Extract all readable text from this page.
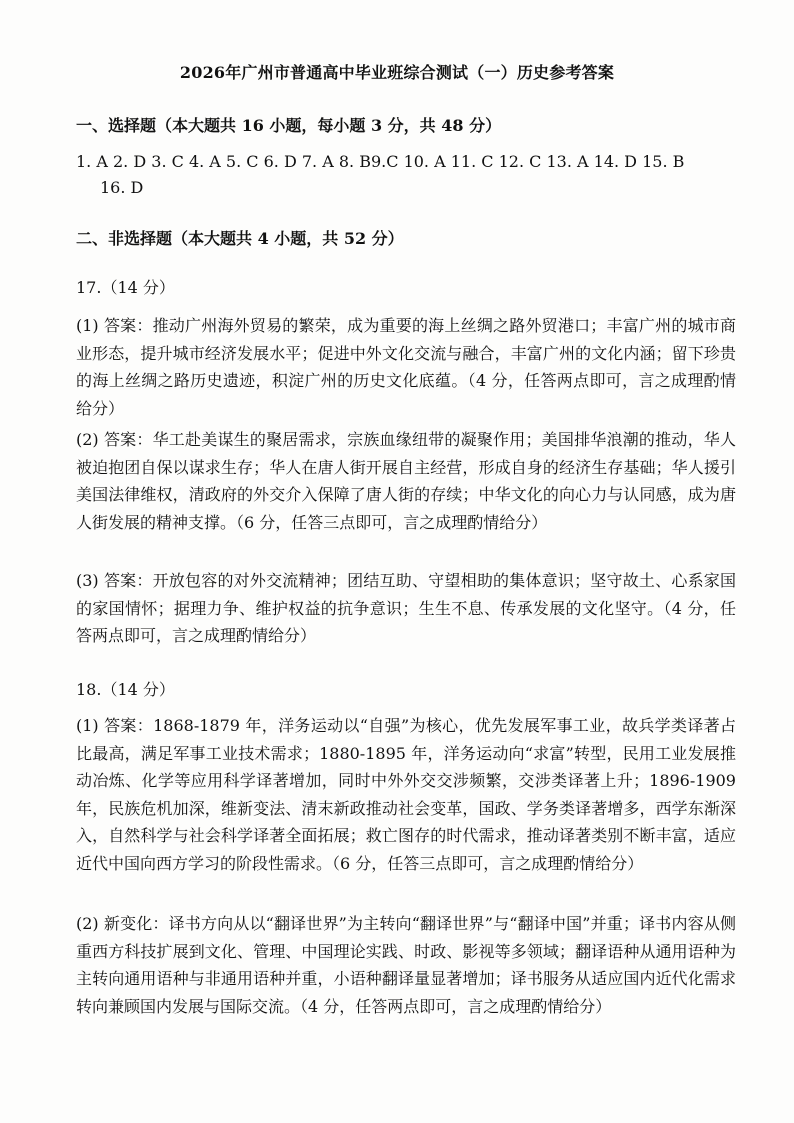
2026年广州市普通高中毕业班综合测试（一）历史参考答案
一、选择题（本大题共 16 小题，每小题 3 分，共 48 分）
1. A 2. D 3. C 4. A 5. C 6. D 7. A 8. B9.C 10. A 11. C 12. C 13. A 14. D 15. B
16. D
二、非选择题（本大题共 4 小题，共 52 分）
17.（14 分）

(1) 答案：推动广州海外贸易的繁荣，成为重要的海上丝绸之路外贸港口；丰富广州的城市商业形态，提升城市经济发展水平；促进中外文化交流与融合，丰富广州的文化内涵；留下珍贵的海上丝绸之路历史遗迹，积淀广州的历史文化底蕴。（4 分，任答两点即可，言之成理酌情给分）

(2) 答案：华工赴美谋生的聚居需求，宗族血缘纽带的凝聚作用；美国排华浪潮的推动，华人被迫抱团自保以谋求生存；华人在唐人街开展自主经营，形成自身的经济生存基础；华人援引美国法律维权，清政府的外交介入保障了唐人街的存续；中华文化的向心力与认同感，成为唐人街发展的精神支撑。（6 分，任答三点即可，言之成理酌情给分）

(3) 答案：开放包容的对外交流精神；团结互助、守望相助的集体意识；坚守故土、心系家国的家国情怀；据理力争、维护权益的抗争意识；生生不息、传承发展的文化坚守。（4 分，任答两点即可，言之成理酌情给分）

18.（14 分）

(1) 答案：1868-1879 年，洋务运动以“自强”为核心，优先发展军事工业，故兵学类译著占比最高，满足军事工业技术需求；1880-1895 年，洋务运动向“求富”转型，民用工业发展推动冶炼、化学等应用科学译著增加，同时中外外交交涉频繁，交涉类译著上升；1896-1909 年，民族危机加深，维新变法、清末新政推动社会变革，国政、学务类译著增多，西学东渐深入，自然科学与社会科学译著全面拓展；救亡图存的时代需求，推动译著类别不断丰富，适应近代中国向西方学习的阶段性需求。（6 分，任答三点即可，言之成理酌情给分）

(2) 新变化：译书方向从以“翻译世界”为主转向“翻译世界”与“翻译中国”并重；译书内容从侧重西方科技扩展到文化、管理、中国理论实践、时政、影视等多领域；翻译语种从通用语种为主转向通用语种与非通用语种并重，小语种翻译量显著增加；译书服务从适应国内近代化需求转向兼顾国内发展与国际交流。（4 分，任答两点即可，言之成理酌情给分）
